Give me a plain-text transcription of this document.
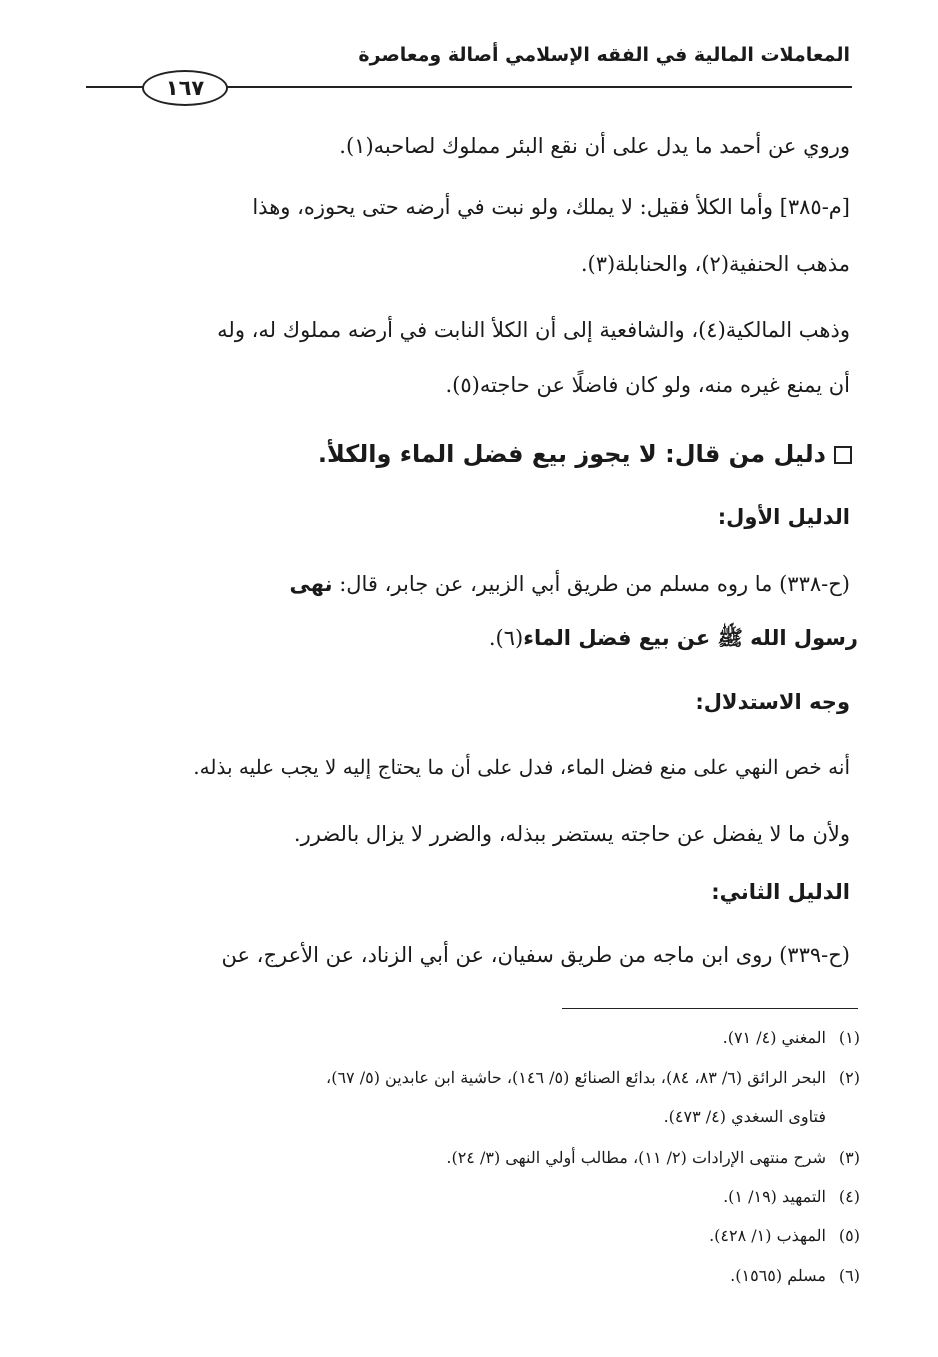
المعاملات المالية في الفقه الإسلامي أصالة ومعاصرة
١٦٧
وروي عن أحمد ما يدل على أن نقع البئر مملوك لصاحبه(١).
[م-٣٨٥] وأما الكلأ فقيل: لا يملك، ولو نبت في أرضه حتى يحوزه، وهذا
مذهب الحنفية(٢)، والحنابلة(٣).
وذهب المالكية(٤)، والشافعية إلى أن الكلأ النابت في أرضه مملوك له، وله
أن يمنع غيره منه، ولو كان فاضلًا عن حاجته(٥).
دليل من قال: لا يجوز بيع فضل الماء والكلأ.
الدليل الأول:
(ح-٣٣٨) ما روه مسلم من طريق أبي الزبير، عن جابر، قال: نهى
رسول الله ﷺ عن بيع فضل الماء(٦).
وجه الاستدلال:
أنه خص النهي على منع فضل الماء، فدل على أن ما يحتاج إليه لا يجب عليه بذله.
ولأن ما لا يفضل عن حاجته يستضر ببذله، والضرر لا يزال بالضرر.
الدليل الثاني:
(ح-٣٣٩) روى ابن ماجه من طريق سفيان، عن أبي الزناد، عن الأعرج، عن
(١)المغني (٤/ ٧١).
(٢)البحر الرائق (٦/ ٨٣، ٨٤)، بدائع الصنائع (٥/ ١٤٦)، حاشية ابن عابدين (٥/ ٦٧)،
فتاوى السغدي (٤/ ٤٧٣).
(٣)شرح منتهى الإرادات (٢/ ١١)، مطالب أولي النهى (٣/ ٢٤).
(٤)التمهيد (١٩/ ١).
(٥)المهذب (١/ ٤٢٨).
(٦)مسلم (١٥٦٥).
